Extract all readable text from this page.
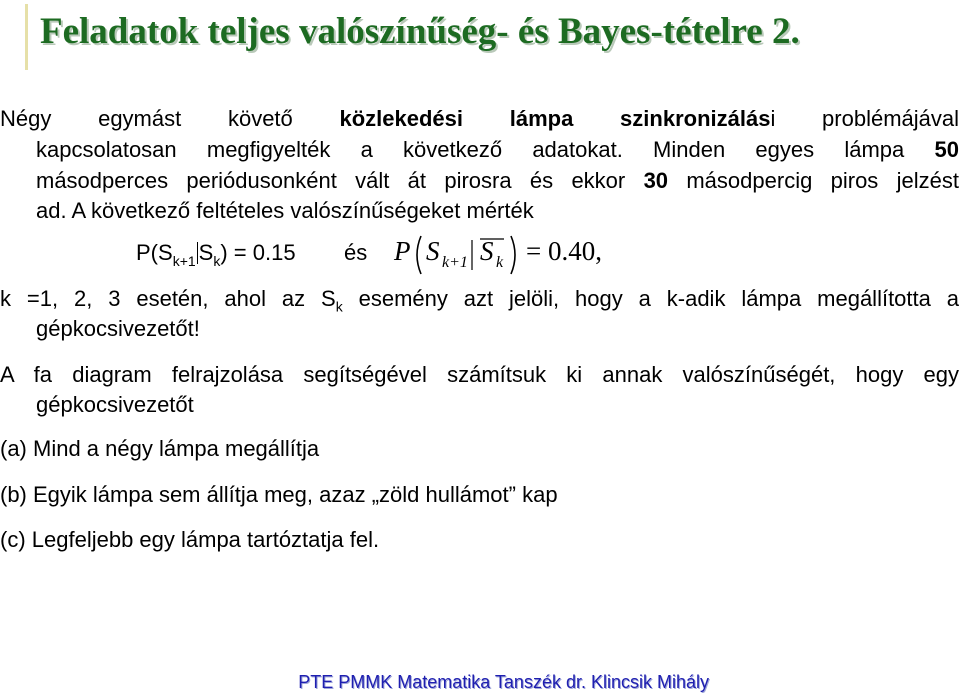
Feladatok teljes valószínűség- és Bayes-tételre 2.
Négy egymást követő közlekedési lámpa szinkronizálási problémájával
kapcsolatosan megfigyelték a következő adatokat. Minden egyes lámpa 50
másodperces periódusonként vált át pirosra és ekkor 30 másodpercig piros jelzést
ad. A következő feltételes valószínűségeket mérték
$P(S_{k+1}$ $S_k) = 0.15$ és P S k+1 S k = 0.40,
k =1, 2, 3 esetén, ahol az $S_k$ esemény azt jelöli, hogy a k-adik lámpa megállította a
gépkocsivezetőt!
A fa diagram felrajzolása segítségével számítsuk ki annak valószínűségét, hogy egy
gépkocsivezetőt
(a) Mind a négy lámpa megállítja
(b) Egyik lámpa sem állítja meg, azaz „zöld hullámot” kap
(c) Legfeljebb egy lámpa tartóztatja fel.
PTE PMMK Matematika Tanszék dr. Klincsik Mihály
